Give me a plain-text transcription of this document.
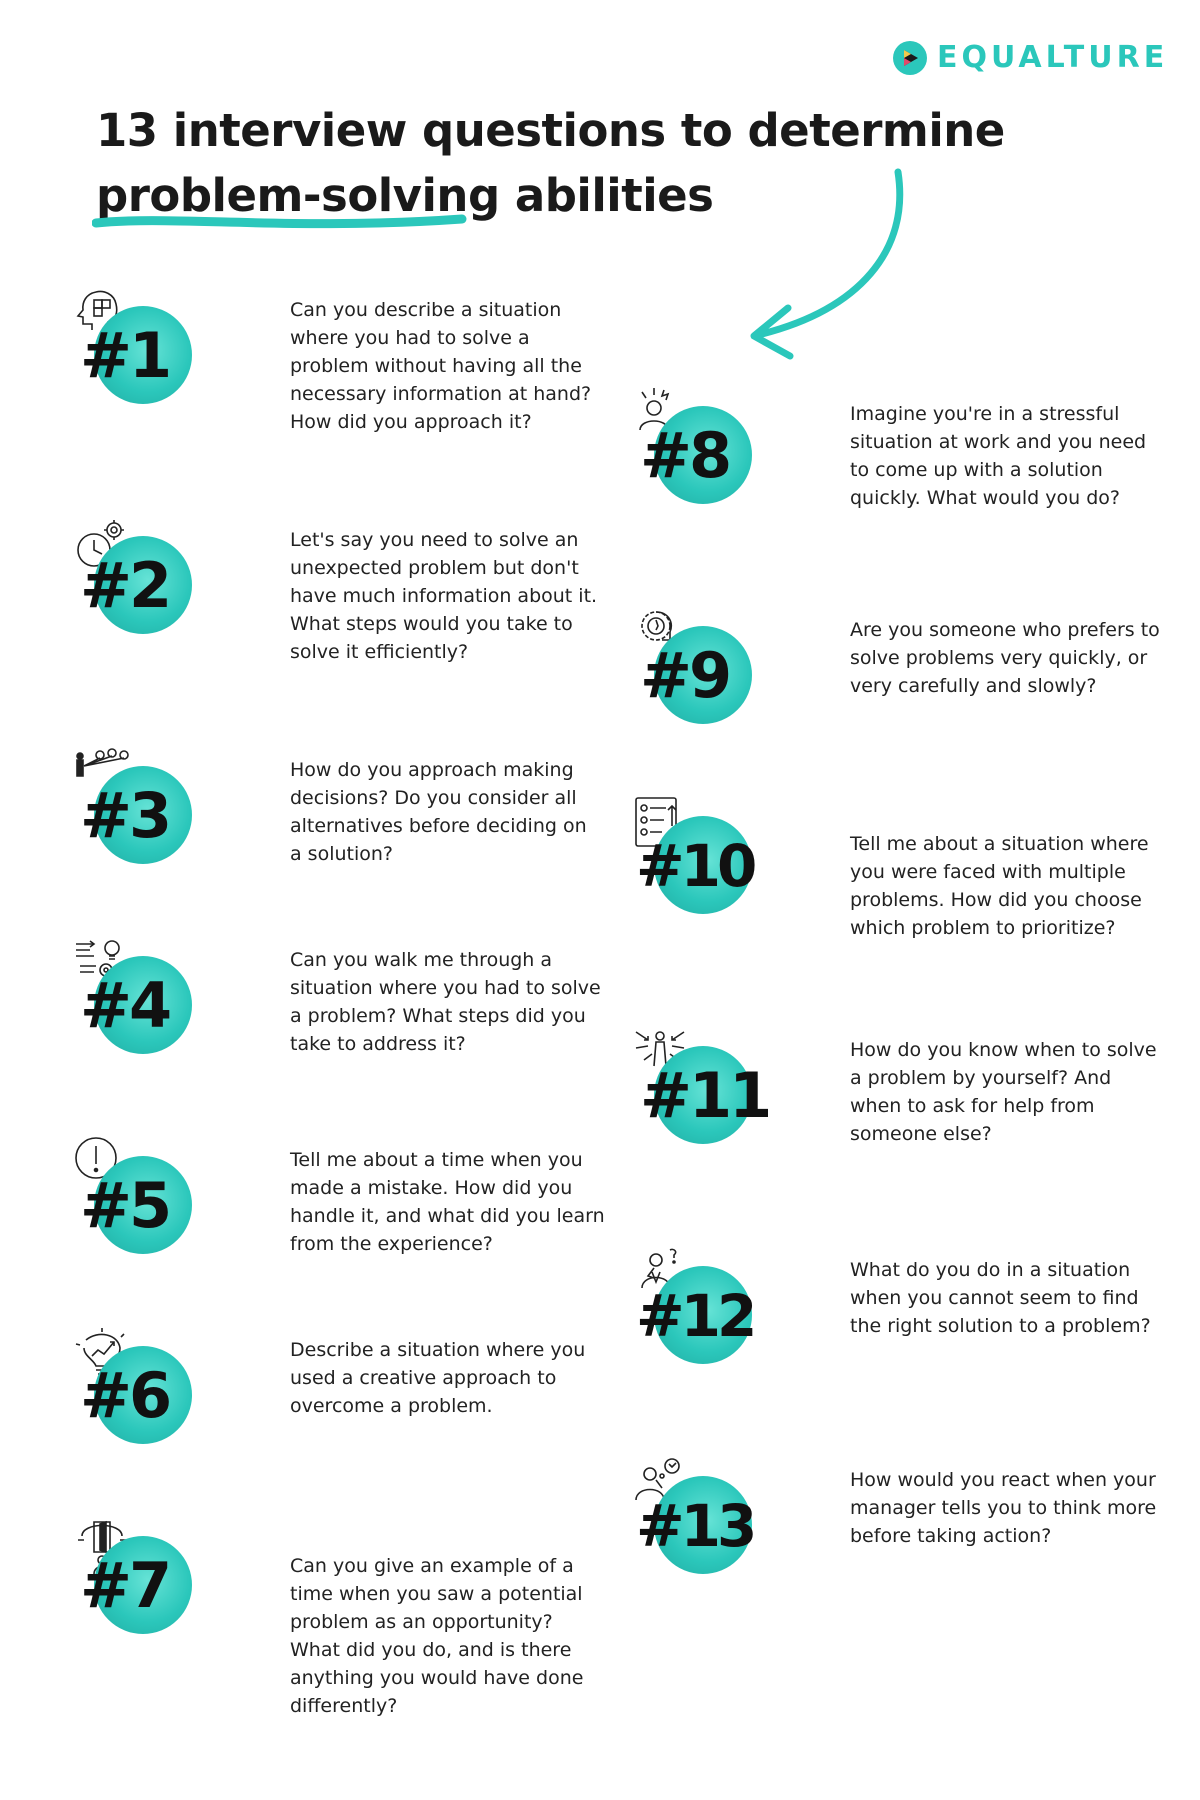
EQUALTURE
13 interview questions to determine
problem-solving abilities
#1

Can you describe a situation
where you had to solve a
problem without having all the
necessary information at hand?
How did you approach it?

#2

Let's say you need to solve an
unexpected problem but don't
have much information about it.
What steps would you take to
solve it efficiently?

#3

How do you approach making
decisions? Do you consider all
alternatives before deciding on
a solution?

#4

Can you walk me through a
situation where you had to solve
a problem? What steps did you
take to address it?

#5

Tell me about a time when you
made a mistake. How did you
handle it, and what did you learn
from the experience?

#6

Describe a situation where you
used a creative approach to
overcome a problem.

#7	Can you give an example of a
time when you saw a potential
problem as an opportunity?
What did you do, and is there
anything you would have done
differently?

#8

Imagine you're in a stressful
situation at work and you need
to come up with a solution
quickly. What would you do?

#9

Are you someone who prefers to
solve problems very quickly, or
very carefully and slowly?

#10	Tell me about a situation where
you were faced with multiple
problems. How did you choose
which problem to prioritize?

#11

How do you know when to solve
a problem by yourself? And
when to ask for help from
someone else?

#12

What do you do in a situation
when you cannot seem to find
the right solution to a problem?

#13

How would you react when your
manager tells you to think more
before taking action?
